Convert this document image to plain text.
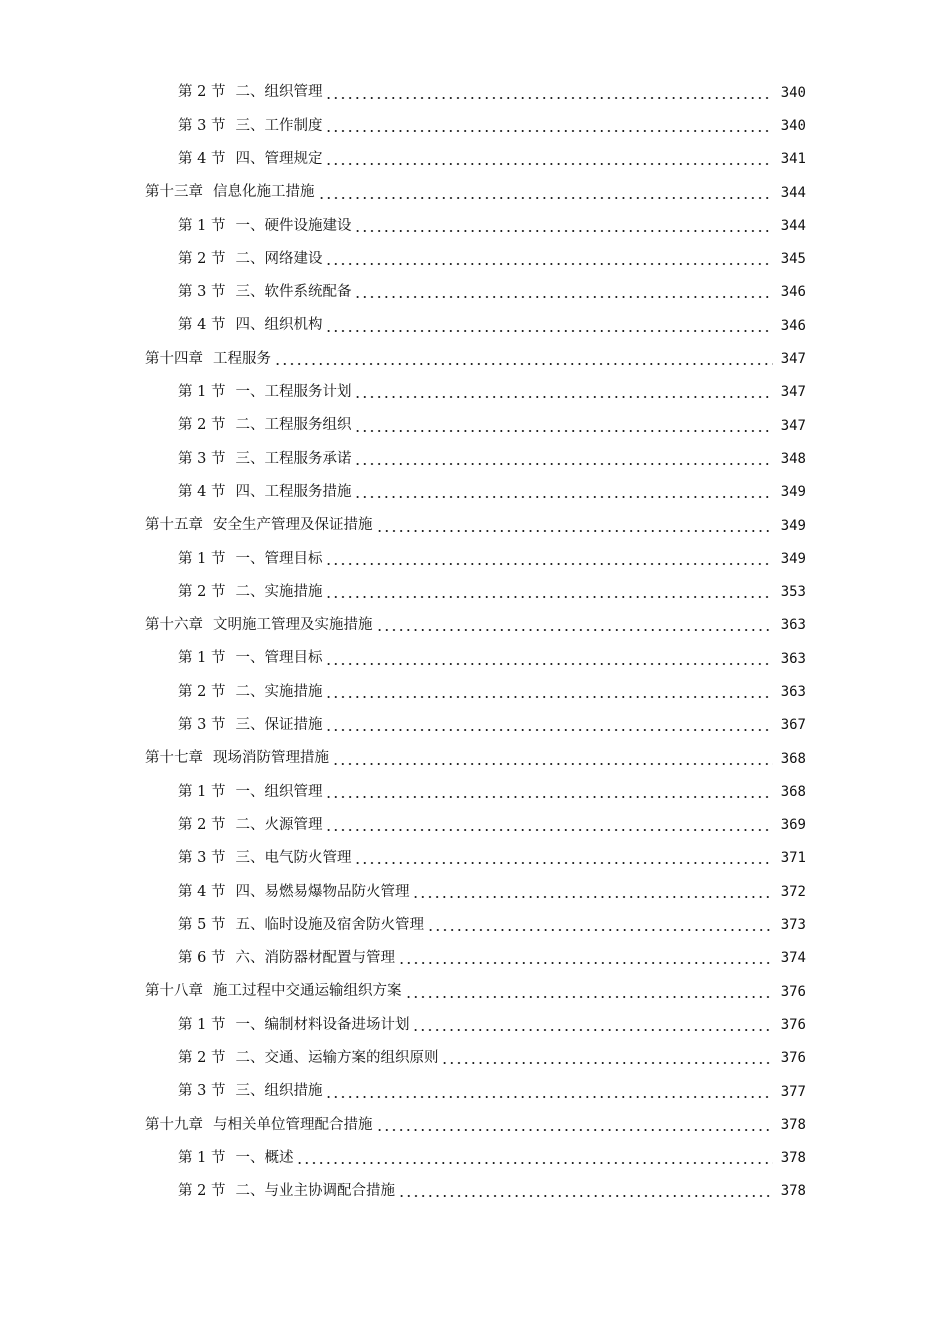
第 2 节 二、组织管理	340
第 3 节 三、工作制度	340
第 4 节 四、管理规定	341
第十三章 信息化施工措施	344
第 1 节 一、硬件设施建设	344
第 2 节 二、网络建设	345
第 3 节 三、软件系统配备	346
第 4 节 四、组织机构	346
第十四章 工程服务	347
第 1 节 一、工程服务计划	347
第 2 节 二、工程服务组织	347
第 3 节 三、工程服务承诺	348
第 4 节 四、工程服务措施	349
第十五章 安全生产管理及保证措施	349
第 1 节 一、管理目标	349
第 2 节 二、实施措施	353
第十六章 文明施工管理及实施措施	363
第 1 节 一、管理目标	363
第 2 节 二、实施措施	363
第 3 节 三、保证措施	367
第十七章 现场消防管理措施	368
第 1 节 一、组织管理	368
第 2 节 二、火源管理	369
第 3 节 三、电气防火管理	371
第 4 节 四、易燃易爆物品防火管理	372
第 5 节 五、临时设施及宿舍防火管理	373
第 6 节 六、消防器材配置与管理	374
第十八章 施工过程中交通运输组织方案	376
第 1 节 一、编制材料设备进场计划	376
第 2 节 二、交通、运输方案的组织原则	376
第 3 节 三、组织措施	377
第十九章 与相关单位管理配合措施	378
第 1 节 一、概述	378
第 2 节 二、与业主协调配合措施	378
